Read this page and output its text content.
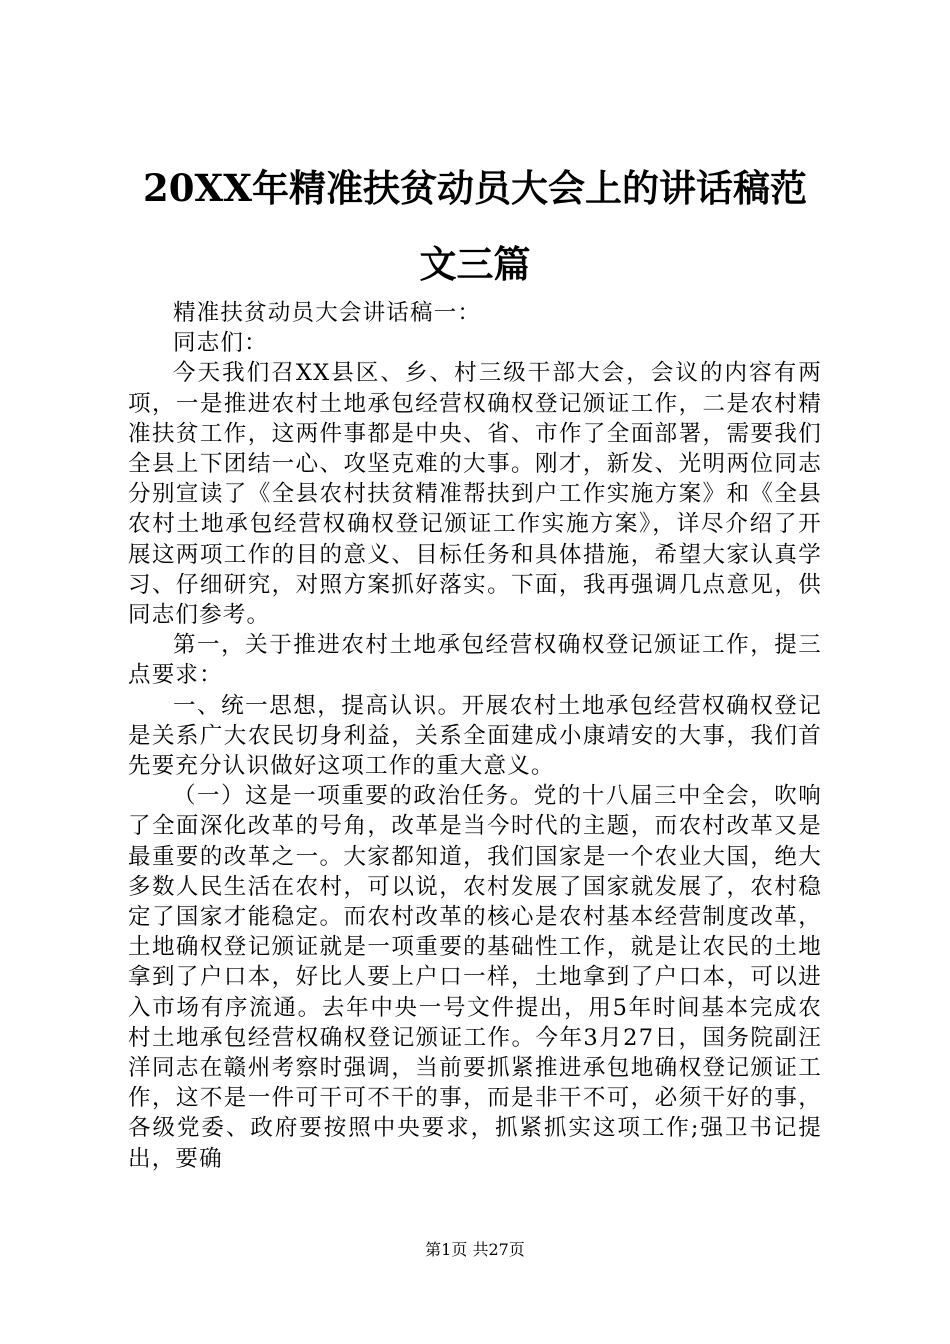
20XX年精准扶贫动员大会上的讲话稿范文三篇

精准扶贫动员大会讲话稿一：

同志们：

今天我们召XX县区、乡、村三级干部大会，会议的内容有两项，一是推进农村土地承包经营权确权登记颁证工作，二是农村精准扶贫工作，这两件事都是中央、省、市作了全面部署，需要我们全县上下团结一心、攻坚克难的大事。刚才，新发、光明两位同志分别宣读了《全县农村扶贫精准帮扶到户工作实施方案》和《全县农村土地承包经营权确权登记颁证工作实施方案》，详尽介绍了开展这两项工作的目的意义、目标任务和具体措施，希望大家认真学习、仔细研究，对照方案抓好落实。下面，我再强调几点意见，供同志们参考。

第一，关于推进农村土地承包经营权确权登记颁证工作，提三点要求：

一、统一思想，提高认识。开展农村土地承包经营权确权登记是关系广大农民切身利益，关系全面建成小康靖安的大事，我们首先要充分认识做好这项工作的重大意义。

（一）这是一项重要的政治任务。党的十八届三中全会，吹响了全面深化改革的号角，改革是当今时代的主题，而农村改革又是最重要的改革之一。大家都知道，我们国家是一个农业大国，绝大多数人民生活在农村，可以说，农村发展了国家就发展了，农村稳定了国家才能稳定。而农村改革的核心是农村基本经营制度改革，土地确权登记颁证就是一项重要的基础性工作，就是让农民的土地拿到了户口本，好比人要上户口一样，土地拿到了户口本，可以进入市场有序流通。去年中央一号文件提出，用5年时间基本完成农村土地承包经营权确权登记颁证工作。今年3月27日，国务院副汪洋同志在赣州考察时强调，当前要抓紧推进承包地确权登记颁证工作，这不是一件可干可不干的事，而是非干不可，必须干好的事，各级党委、政府要按照中央要求，抓紧抓实这项工作;强卫书记提出，要确

第1页 共27页
